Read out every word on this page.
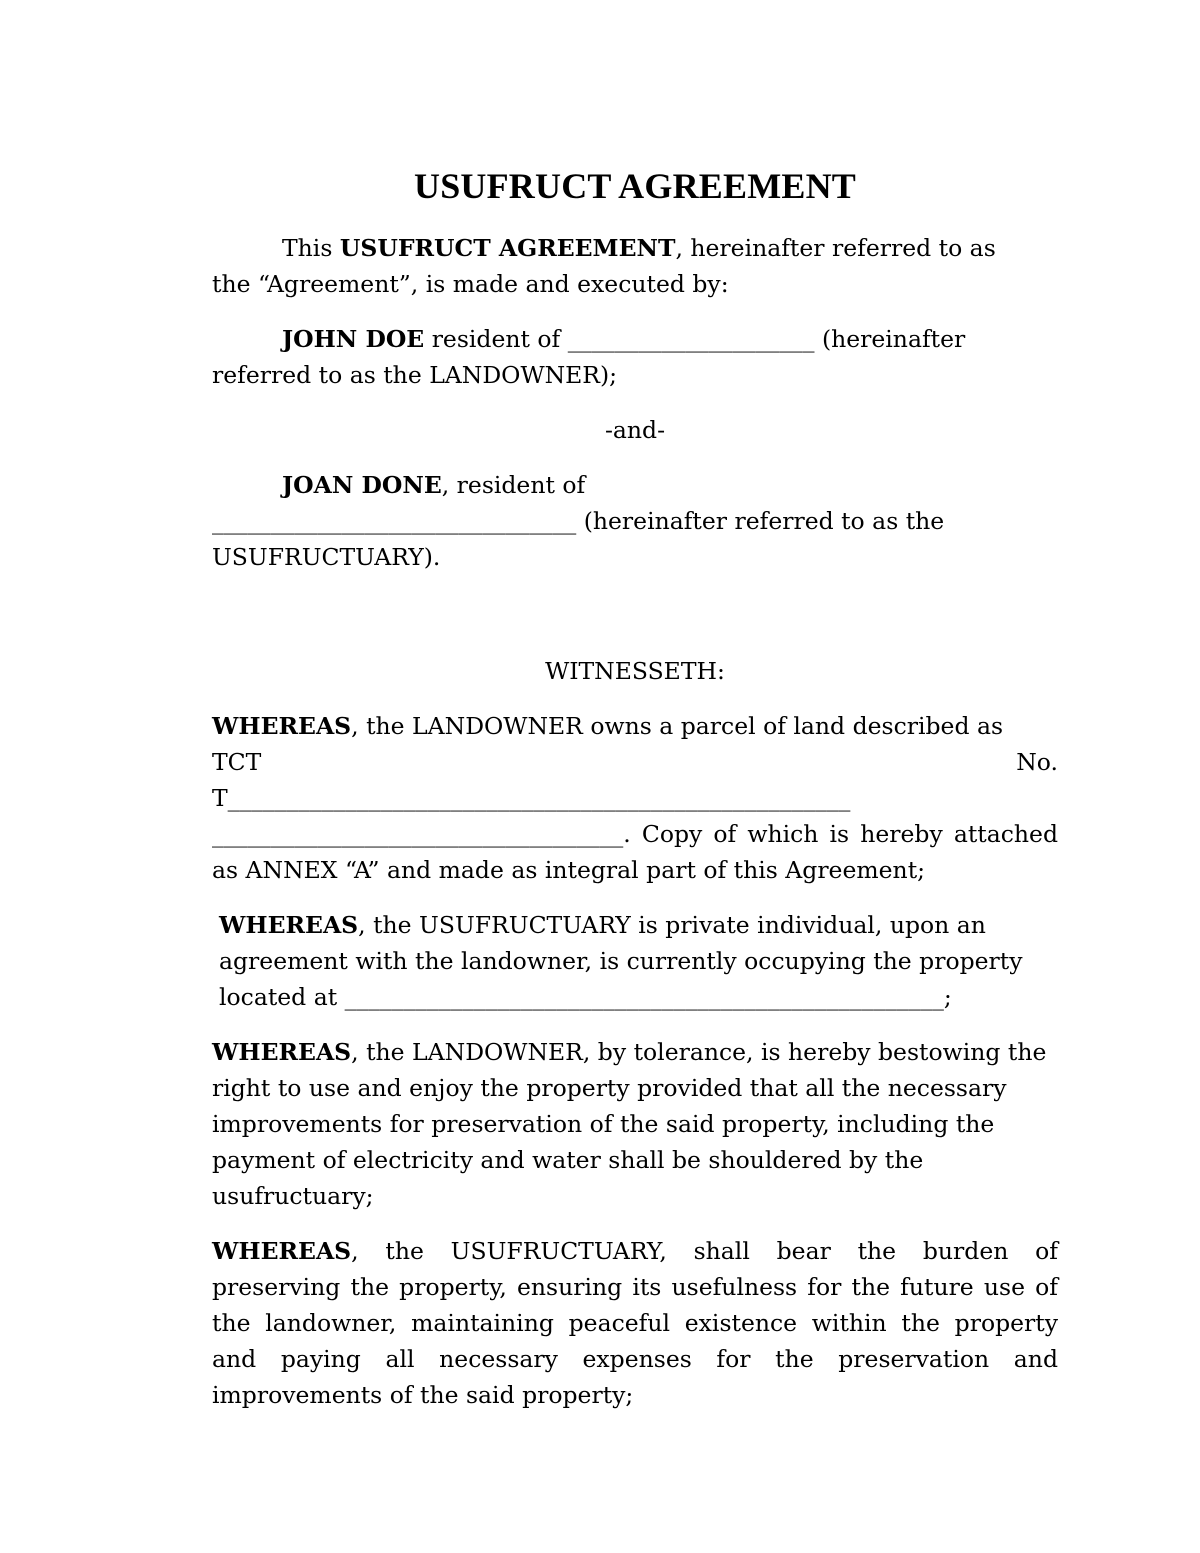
USUFRUCT AGREEMENT

This USUFRUCT AGREEMENT, hereinafter referred to as the “Agreement”, is made and executed by:

JOHN DOE resident of _____________________ (hereinafter referred to as the LANDOWNER);

-and-

JOAN DONE, resident of

_______________________________ (hereinafter referred to as the USUFRUCTUARY).

WITNESSETH:

WHEREAS, the LANDOWNER owns a parcel of land described as

TCT	No.

T_____________________________________________________

___________________________________. Copy of which is hereby attached as ANNEX “A” and made as integral part of this Agreement;

WHEREAS, the USUFRUCTUARY is private individual, upon an agreement with the landowner, is currently occupying the property located at ___________________________________________________;

WHEREAS, the LANDOWNER, by tolerance, is hereby bestowing the right to use and enjoy the property provided that all the necessary improvements for preservation of the said property, including the payment of electricity and water shall be shouldered by the usufructuary;

WHEREAS, the USUFRUCTUARY, shall bear the burden of preserving the property, ensuring its usefulness for the future use of the landowner, maintaining peaceful existence within the property and paying all necessary expenses for the preservation and improvements of the said property;
